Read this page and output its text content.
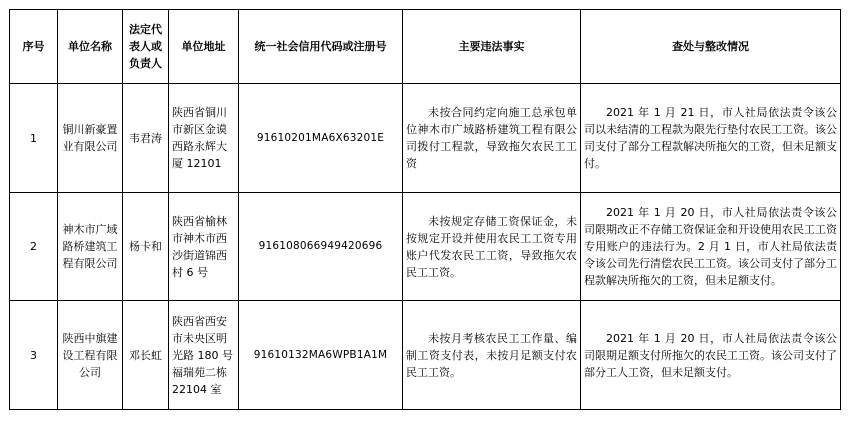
序号	单位名称	法定代表人或负责人	单位地址	统一社会信用代码或注册号	主要违法事实	查处与整改情况
1	铜川新豪置业有限公司	韦君涛	陕西省铜川市新区金谟西路永辉大厦 12101	91610201MA6X63201E	未按合同约定向施工总承包单位神木市广域路桥建筑工程有限公司拨付工程款，导致拖欠农民工工资	2021 年 1 月 21 日，市人社局依法责令该公司以未结清的工程款为限先行垫付农民工工资。该公司支付了部分工程款解决所拖欠的工资，但未足额支付。
2	神木市广域路桥建筑工程有限公司	杨卡和	陕西省榆林市神木市西沙街道锦西村 6 号	916108066949420696	未按规定存储工资保证金，未按规定开设并使用农民工工资专用账户代发农民工工资，导致拖欠农民工工资。	2021 年 1 月 20 日，市人社局依法责令该公司限期改正不存储工资保证金和开设使用农民工工资专用账户的违法行为。2 月 1 日，市人社局依法责令该公司先行清偿农民工工资。该公司支付了部分工程款解决所拖欠的工资，但未足额支付。
3	陕西中旗建设工程有限公司	邓长虹	陕西省西安市未央区明光路 180 号福瑞苑二栋 22104 室	91610132MA6WPB1A1M	未按月考核农民工工作量、编制工资支付表，未按月足额支付农民工工资。	2021 年 1 月 20 日，市人社局依法责令该公司限期足额支付所拖欠的农民工工资。该公司支付了部分工人工资，但未足额支付。
